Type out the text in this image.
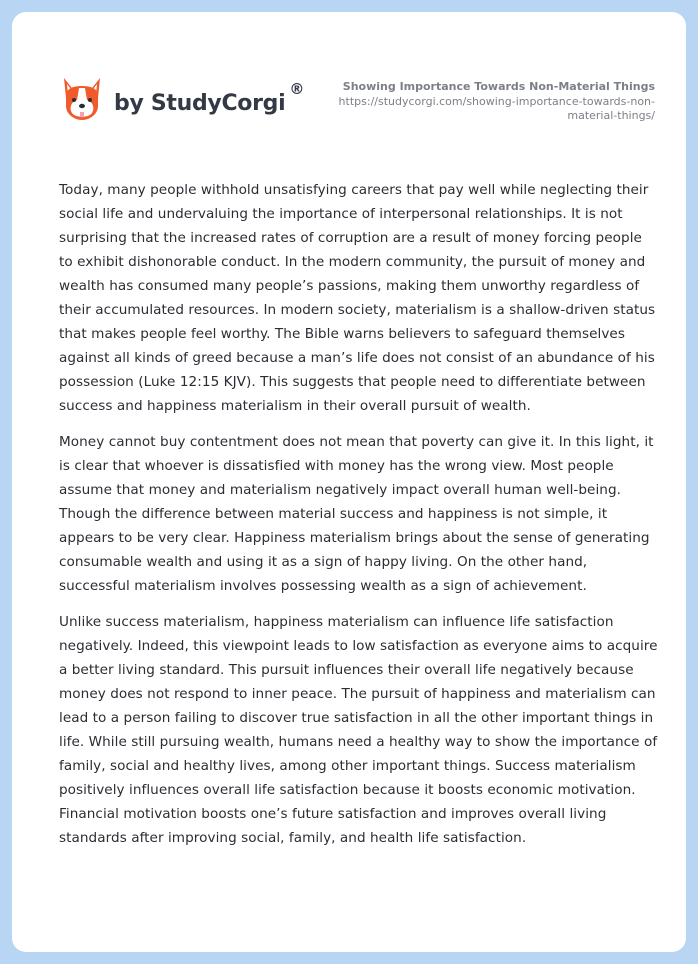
by StudyCorgi
®	Showing Importance Towards Non-Material Things
https://studycorgi.com/showing-importance-towards-non-material-things/

Today, many people withhold unsatisfying careers that pay well while neglecting their social life and undervaluing the importance of interpersonal relationships. It is not surprising that the increased rates of corruption are a result of money forcing people to exhibit dishonorable conduct. In the modern community, the pursuit of money and wealth has consumed many people’s passions, making them unworthy regardless of their accumulated resources. In modern society, materialism is a shallow-driven status that makes people feel worthy. The Bible warns believers to safeguard themselves against all kinds of greed because a man’s life does not consist of an abundance of his possession (Luke 12:15 KJV). This suggests that people need to differentiate between success and happiness materialism in their overall pursuit of wealth.

Money cannot buy contentment does not mean that poverty can give it. In this light, it is clear that whoever is dissatisfied with money has the wrong view. Most people assume that money and materialism negatively impact overall human well-being. Though the difference between material success and happiness is not simple, it appears to be very clear. Happiness materialism brings about the sense of generating consumable wealth and using it as a sign of happy living. On the other hand, successful materialism involves possessing wealth as a sign of achievement.

Unlike success materialism, happiness materialism can influence life satisfaction negatively. Indeed, this viewpoint leads to low satisfaction as everyone aims to acquire a better living standard. This pursuit influences their overall life negatively because money does not respond to inner peace. The pursuit of happiness and materialism can lead to a person failing to discover true satisfaction in all the other important things in life. While still pursuing wealth, humans need a healthy way to show the importance of family, social and healthy lives, among other important things. Success materialism positively influences overall life satisfaction because it boosts economic motivation. Financial motivation boosts one’s future satisfaction and improves overall living standards after improving social, family, and health life satisfaction.
